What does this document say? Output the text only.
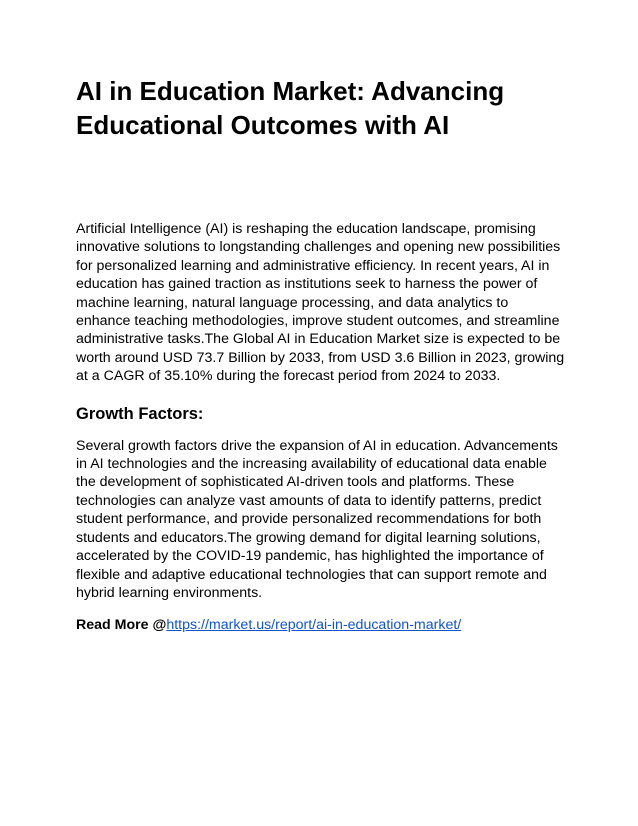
AI in Education Market: Advancing Educational Outcomes with AI

Artificial Intelligence (AI) is reshaping the education landscape, promising innovative solutions to longstanding challenges and opening new possibilities for personalized learning and administrative efficiency. In recent years, AI in education has gained traction as institutions seek to harness the power of machine learning, natural language processing, and data analytics to enhance teaching methodologies, improve student outcomes, and streamline administrative tasks.The Global AI in Education Market size is expected to be worth around USD 73.7 Billion by 2033, from USD 3.6 Billion in 2023, growing at a CAGR of 35.10% during the forecast period from 2024 to 2033.

Growth Factors:

Several growth factors drive the expansion of AI in education. Advancements in AI technologies and the increasing availability of educational data enable the development of sophisticated AI-driven tools and platforms. These technologies can analyze vast amounts of data to identify patterns, predict student performance, and provide personalized recommendations for both students and educators.The growing demand for digital learning solutions, accelerated by the COVID-19 pandemic, has highlighted the importance of flexible and adaptive educational technologies that can support remote and hybrid learning environments.

Read More @https://market.us/report/ai-in-education-market/
